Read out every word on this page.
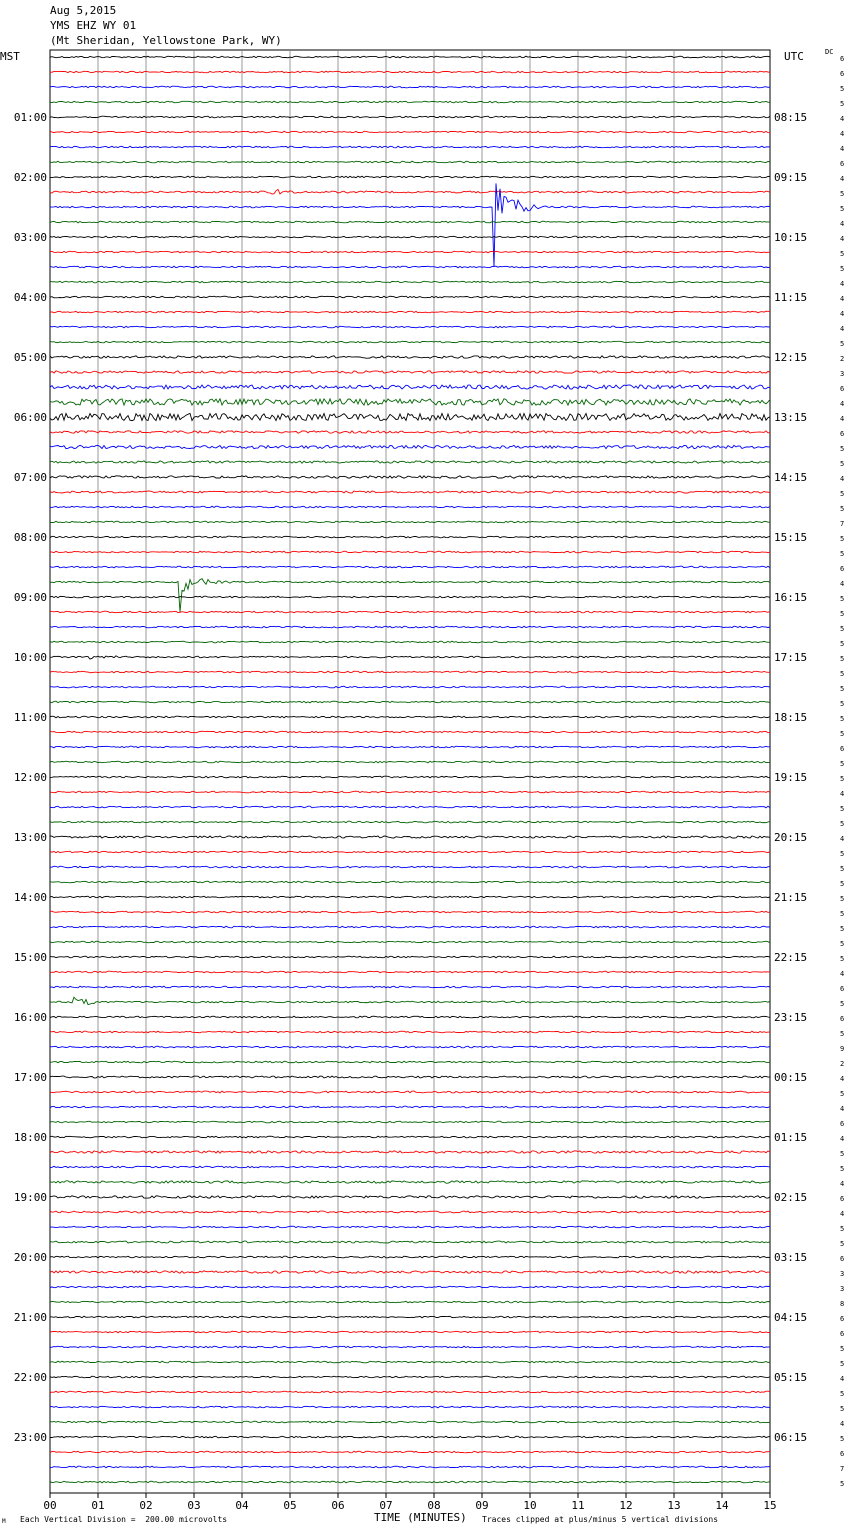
Aug 5,2015
YMS EHZ WY 01
(Mt Sheridan, Yellowstone Park, WY)
MST	UTC	DC
6
6
5
5
4
4
4
6
4
5
5
4
4
5
5
4
4
4
4
5
2
3
6
4
4
6
5
5
4
5
5
7
5
5
6
4
5
5
5
5
5
5
5
5
5
5
6
5
5
4
5
5
4
5
5
5
5
5
5
5
5
4
6
5
6
5
9
2
4
5
4
6
4
5
5
4
6
4
5
5
6
3
3
8
6
6
5
5
4
5
5
4
5
6
7
5
01:00
02:00
03:00
04:00
05:00
06:00
07:00
08:00
09:00
10:00
11:00
12:00
13:00
14:00
15:00
16:00
17:00
18:00
19:00
20:00
21:00
22:00
23:00
08:15
09:15
10:15
11:15
12:15
13:15
14:15
15:15
16:15
17:15
18:15
19:15
20:15
21:15
22:15
23:15
00:15
01:15
02:15
03:15
04:15
05:15
06:15
00	01	02	03	04	05	06	07	08	09	10	11	12	13	14	15
M Each Vertical Division =  200.00 microvolts	TIME (MINUTES) Traces clipped at plus/minus 5 vertical divisions
